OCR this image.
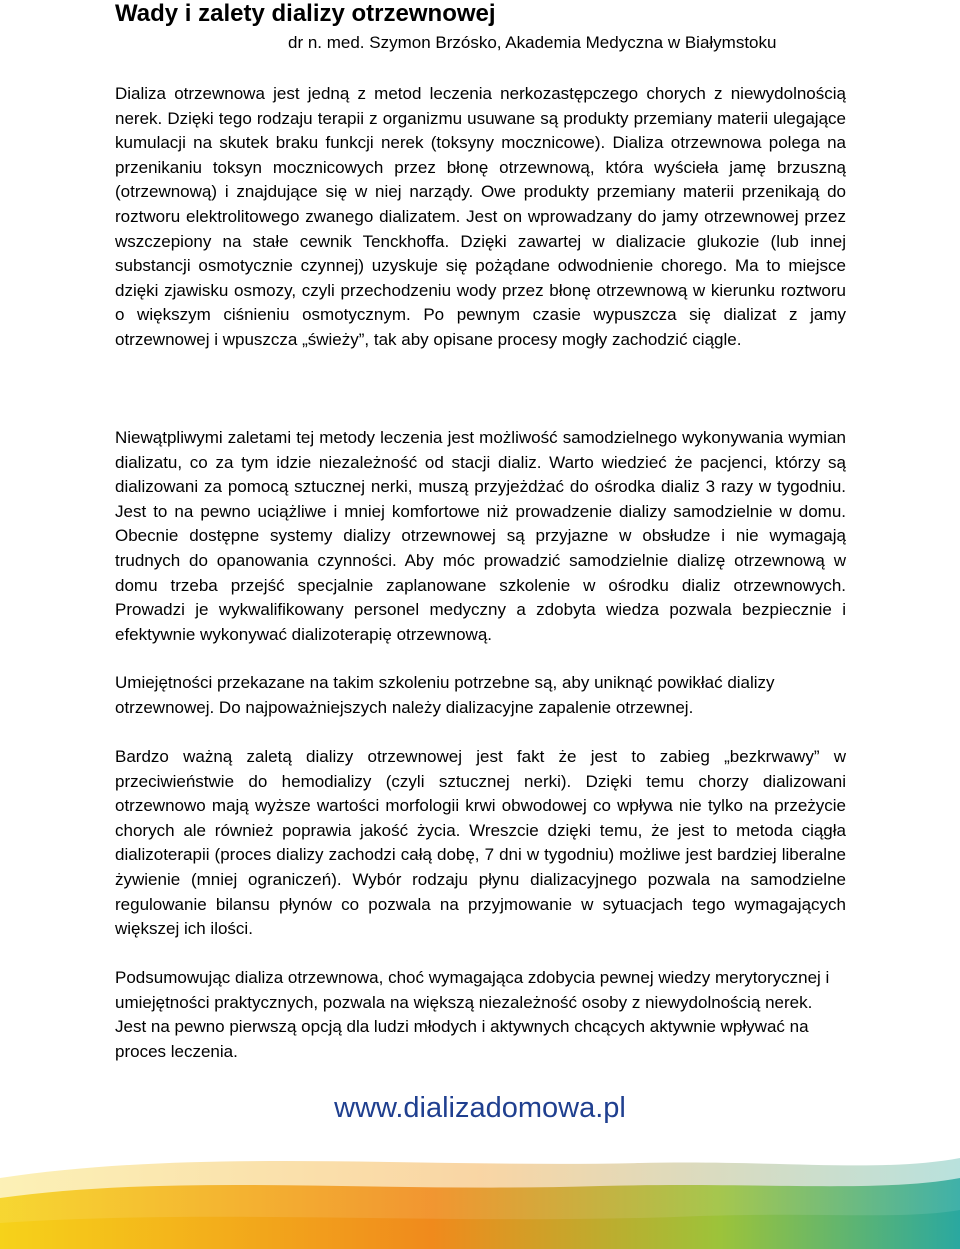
Wady i zalety dializy otrzewnowej
dr n. med. Szymon Brzósko, Akademia Medyczna w Białymstoku

Dializa otrzewnowa jest jedną z metod leczenia nerkozastępczego chorych z niewydolnością nerek. Dzięki tego rodzaju terapii z organizmu usuwane są produkty przemiany materii ulegające kumulacji na skutek braku funkcji nerek (toksyny mocznicowe). Dializa otrzewnowa polega na przenikaniu toksyn mocznicowych przez błonę otrzewnową, która wyścieła jamę brzuszną (otrzewnową) i znajdujące się w niej narządy. Owe produkty przemiany materii przenikają do roztworu elektrolitowego zwanego dializatem. Jest on wprowadzany do jamy otrzewnowej przez wszczepiony na stałe cewnik Tenckhoffa. Dzięki zawartej w dializacie glukozie (lub innej substancji osmotycznie czynnej) uzyskuje się pożądane odwodnienie chorego. Ma to miejsce dzięki zjawisku osmozy, czyli przechodzeniu wody przez błonę otrzewnową w kierunku roztworu o większym ciśnieniu osmotycznym. Po pewnym czasie wypuszcza się dializat z jamy otrzewnowej i wpuszcza „świeży”, tak aby opisane procesy mogły zachodzić ciągle.

Niewątpliwymi zaletami tej metody leczenia jest możliwość samodzielnego wykonywania wymian dializatu, co za tym idzie niezależność od stacji dializ. Warto wiedzieć że pacjenci, którzy są dializowani za pomocą sztucznej nerki, muszą przyjeżdżać do ośrodka dializ 3 razy w tygodniu. Jest to na pewno uciążliwe i mniej komfortowe niż prowadzenie dializy samodzielnie w domu. Obecnie dostępne systemy dializy otrzewnowej są przyjazne w obsłudze i nie wymagają trudnych do opanowania czynności. Aby móc prowadzić samodzielnie dializę otrzewnową w domu trzeba przejść specjalnie zaplanowane szkolenie w ośrodku dializ otrzewnowych. Prowadzi je wykwalifikowany personel medyczny a zdobyta wiedza pozwala bezpiecznie i efektywnie wykonywać dializoterapię otrzewnową.

Umiejętności przekazane na takim szkoleniu potrzebne są, aby uniknąć powikłać dializy otrzewnowej. Do najpoważniejszych należy dializacyjne zapalenie otrzewnej.

Bardzo ważną zaletą dializy otrzewnowej jest fakt że jest to zabieg „bezkrwawy” w przeciwieństwie do hemodializy (czyli sztucznej nerki). Dzięki temu chorzy dializowani otrzewnowo mają wyższe wartości morfologii krwi obwodowej co wpływa nie tylko na przeżycie chorych ale również poprawia jakość życia. Wreszcie dzięki temu, że jest to metoda ciągła dializoterapii (proces dializy zachodzi całą dobę, 7 dni w tygodniu) możliwe jest bardziej liberalne żywienie (mniej ograniczeń). Wybór rodzaju płynu dializacyjnego pozwala na samodzielne regulowanie bilansu płynów co pozwala na przyjmowanie w sytuacjach tego wymagających większej ich ilości.

Podsumowując dializa otrzewnowa, choć wymagająca zdobycia pewnej wiedzy merytorycznej i umiejętności praktycznych, pozwala na większą niezależność osoby z niewydolnością nerek. Jest na pewno pierwszą opcją dla ludzi młodych i aktywnych chcących aktywnie wpływać na proces leczenia.

www.dializadomowa.pl
